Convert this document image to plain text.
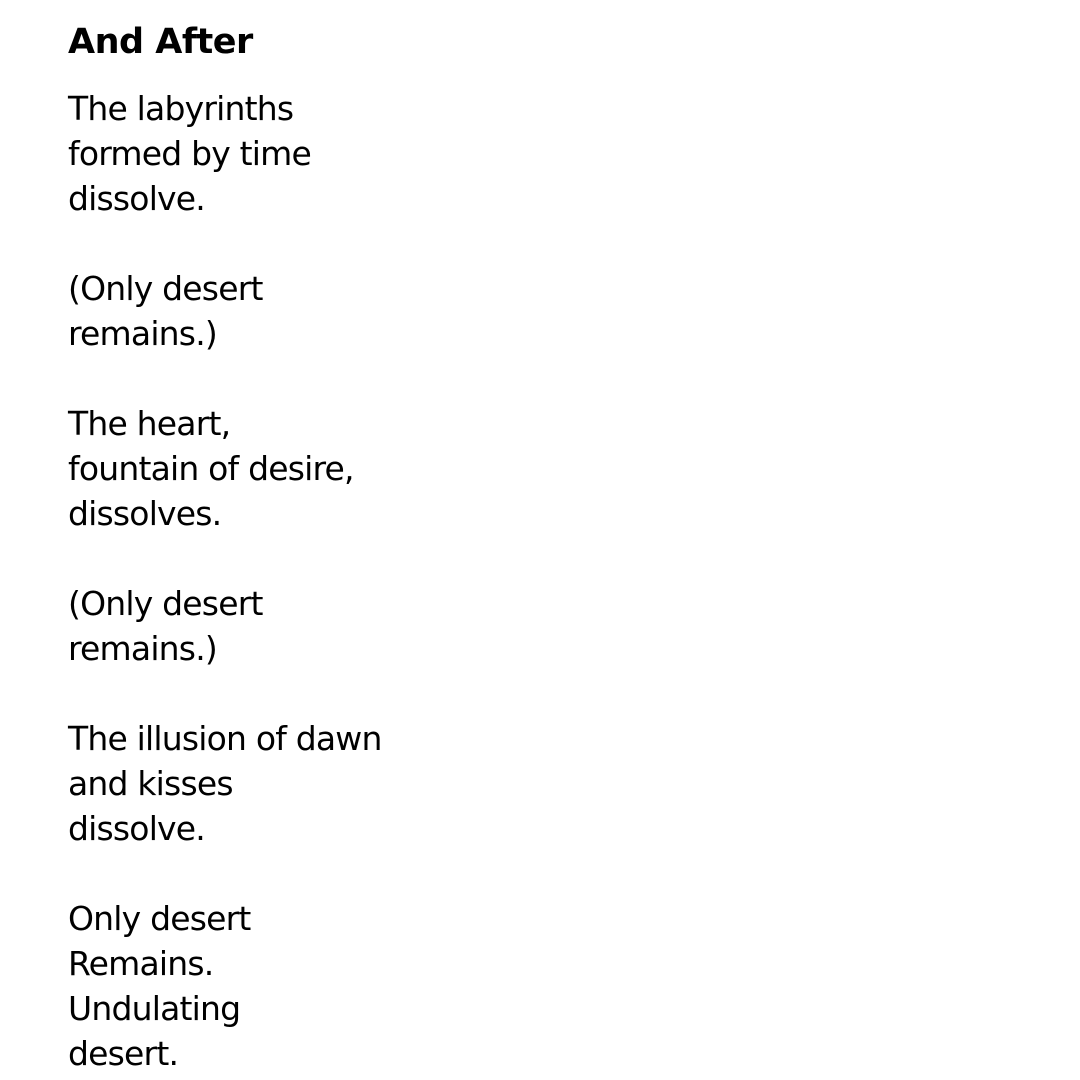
And After

The labyrinths
formed by time
dissolve.

(Only desert
remains.)

The heart,
fountain of desire,
dissolves.

(Only desert
remains.)

The illusion of dawn
and kisses
dissolve.

Only desert
Remains.
Undulating
desert.
